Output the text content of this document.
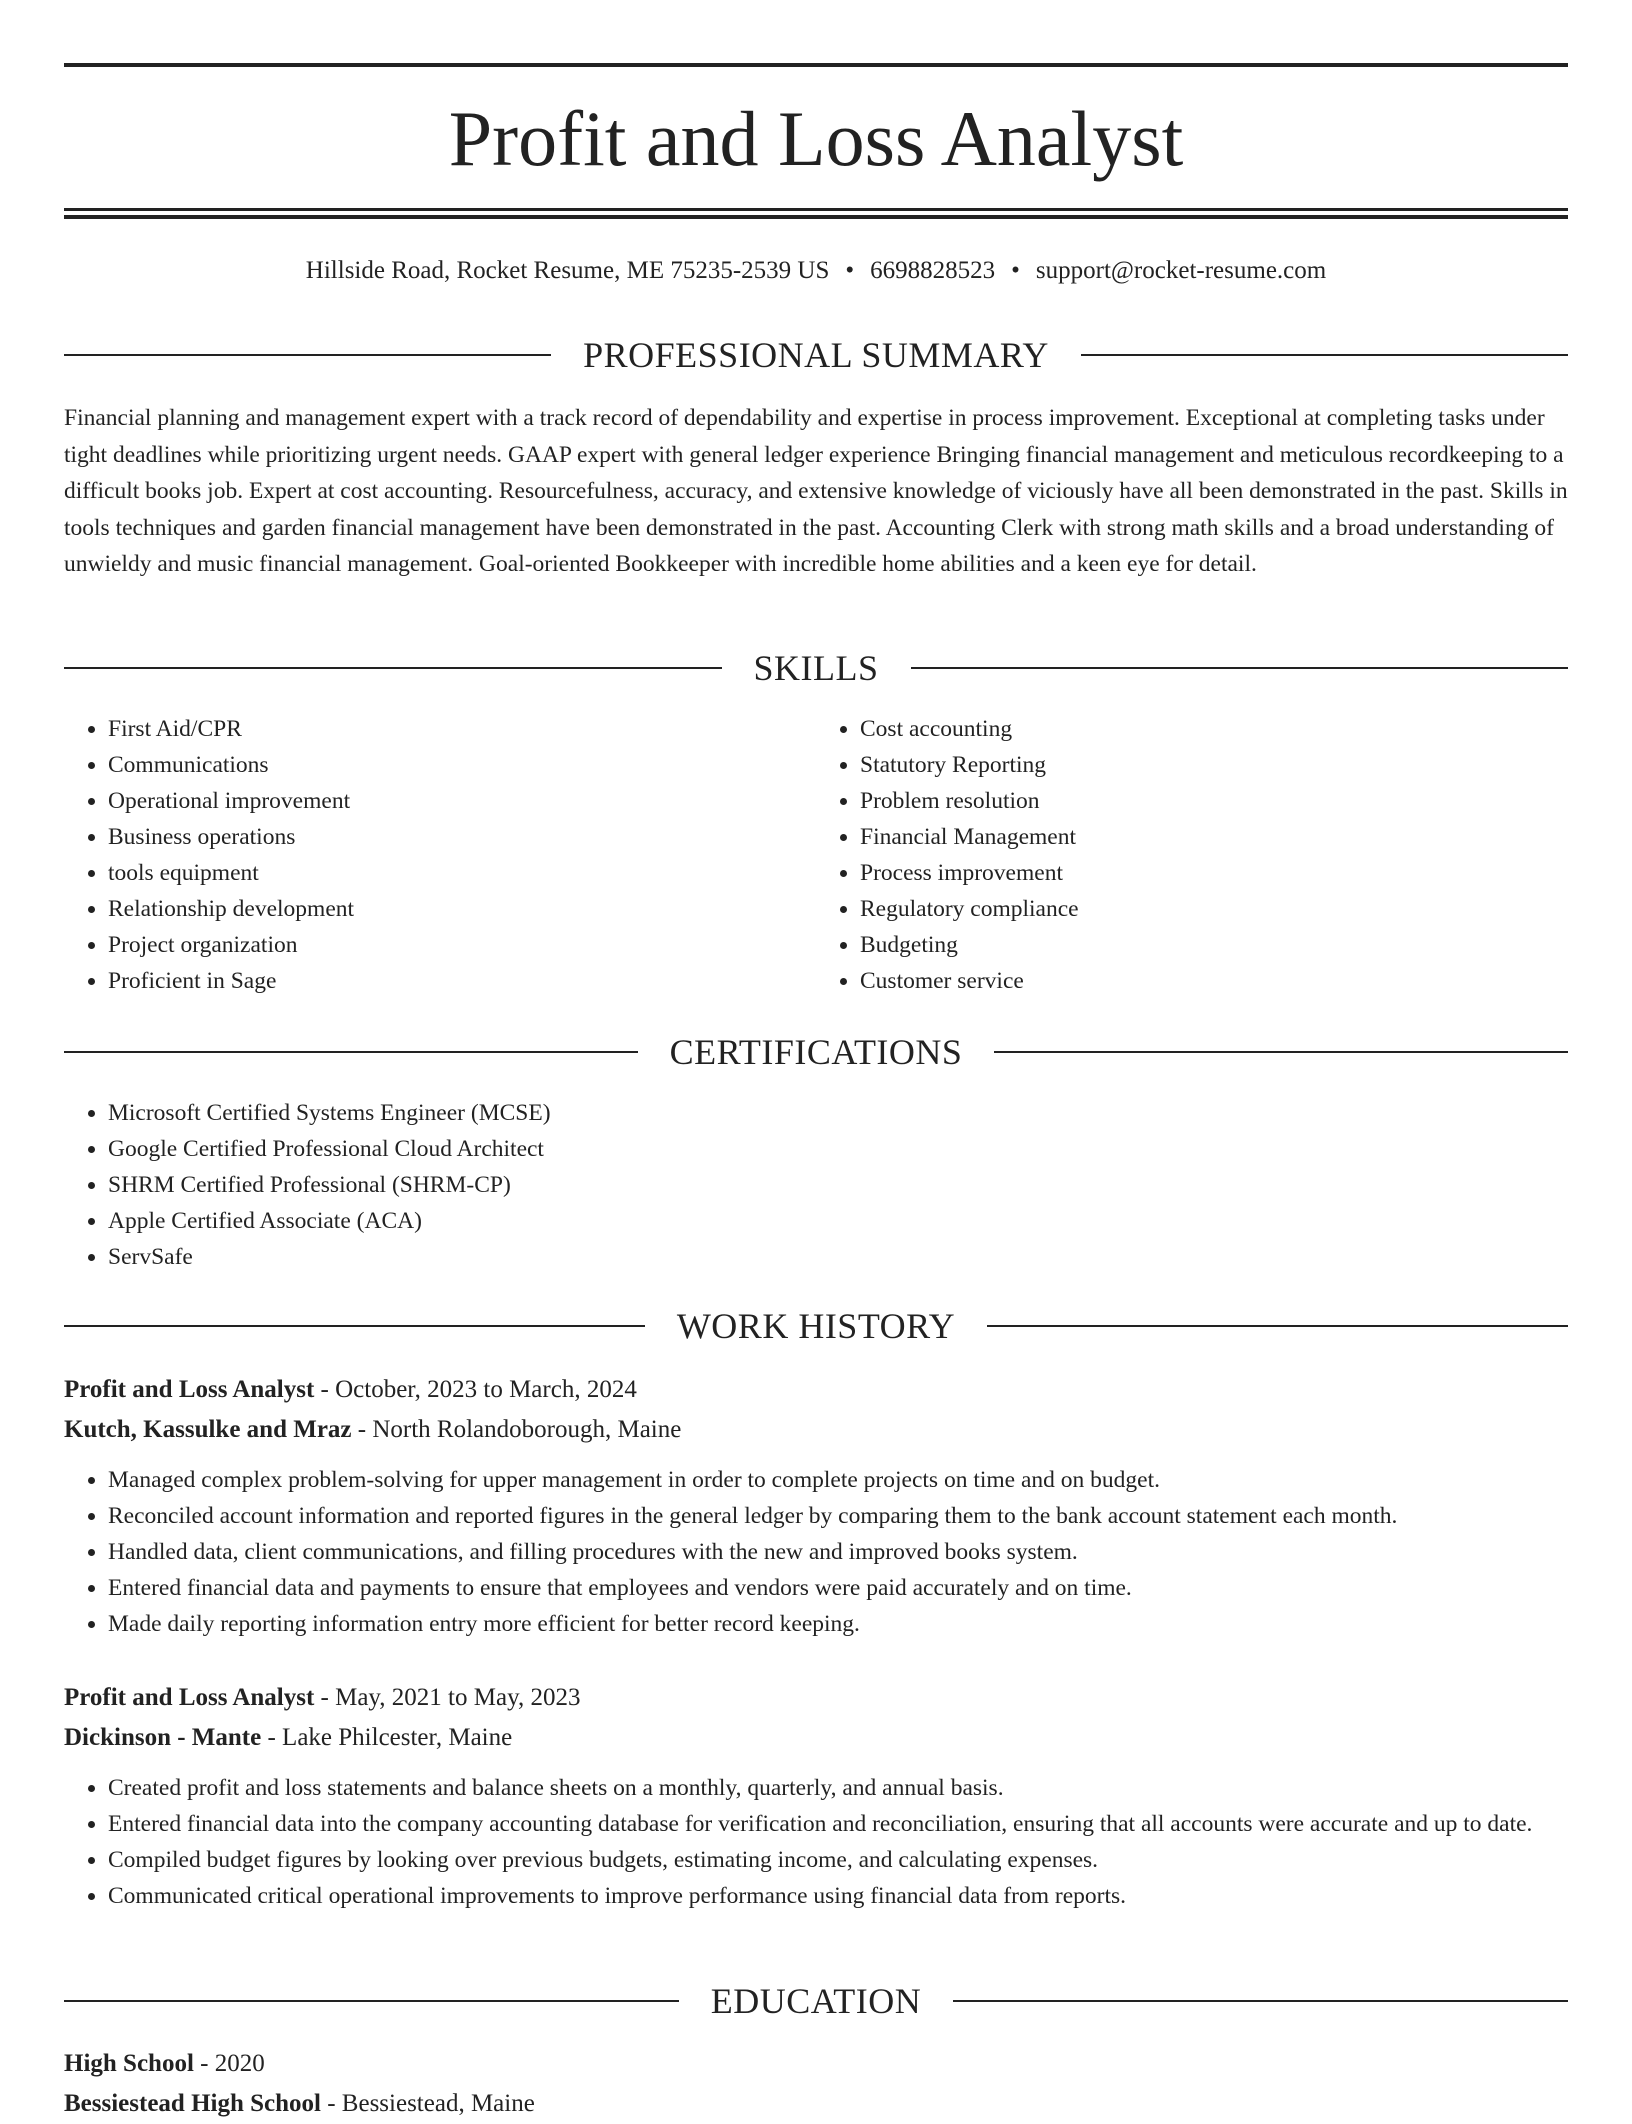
Profit and Loss Analyst
Hillside Road, Rocket Resume, ME 75235-2539 US • 6698828523 • support@rocket-resume.com
PROFESSIONAL SUMMARY

Financial planning and management expert with a track record of dependability and expertise in process improvement. Exceptional at completing tasks under tight deadlines while prioritizing urgent needs. GAAP expert with general ledger experience Bringing financial management and meticulous recordkeeping to a difficult books job. Expert at cost accounting. Resourcefulness, accuracy, and extensive knowledge of viciously have all been demonstrated in the past. Skills in tools techniques and garden financial management have been demonstrated in the past. Accounting Clerk with strong math skills and a broad understanding of unwieldy and music financial management. Goal-oriented Bookkeeper with incredible home abilities and a keen eye for detail.

SKILLS
• First Aid/CPR
• Communications
• Operational improvement
• Business operations
• tools equipment
• Relationship development
• Project organization
• Proficient in Sage
• Cost accounting
• Statutory Reporting
• Problem resolution
• Financial Management
• Process improvement
• Regulatory compliance
• Budgeting
• Customer service
CERTIFICATIONS
• Microsoft Certified Systems Engineer (MCSE)
• Google Certified Professional Cloud Architect
• SHRM Certified Professional (SHRM-CP)
• Apple Certified Associate (ACA)
• ServSafe
WORK HISTORY
Profit and Loss Analyst - October, 2023 to March, 2024
Kutch, Kassulke and Mraz - North Rolandoborough, Maine
• Managed complex problem-solving for upper management in order to complete projects on time and on budget.
• Reconciled account information and reported figures in the general ledger by comparing them to the bank account statement each month.
• Handled data, client communications, and filling procedures with the new and improved books system.
• Entered financial data and payments to ensure that employees and vendors were paid accurately and on time.
• Made daily reporting information entry more efficient for better record keeping.
Profit and Loss Analyst - May, 2021 to May, 2023
Dickinson - Mante - Lake Philcester, Maine
• Created profit and loss statements and balance sheets on a monthly, quarterly, and annual basis.
• Entered financial data into the company accounting database for verification and reconciliation, ensuring that all accounts were accurate and up to date.
• Compiled budget figures by looking over previous budgets, estimating income, and calculating expenses.
• Communicated critical operational improvements to improve performance using financial data from reports.
EDUCATION
High School - 2020
Bessiestead High School - Bessiestead, Maine
